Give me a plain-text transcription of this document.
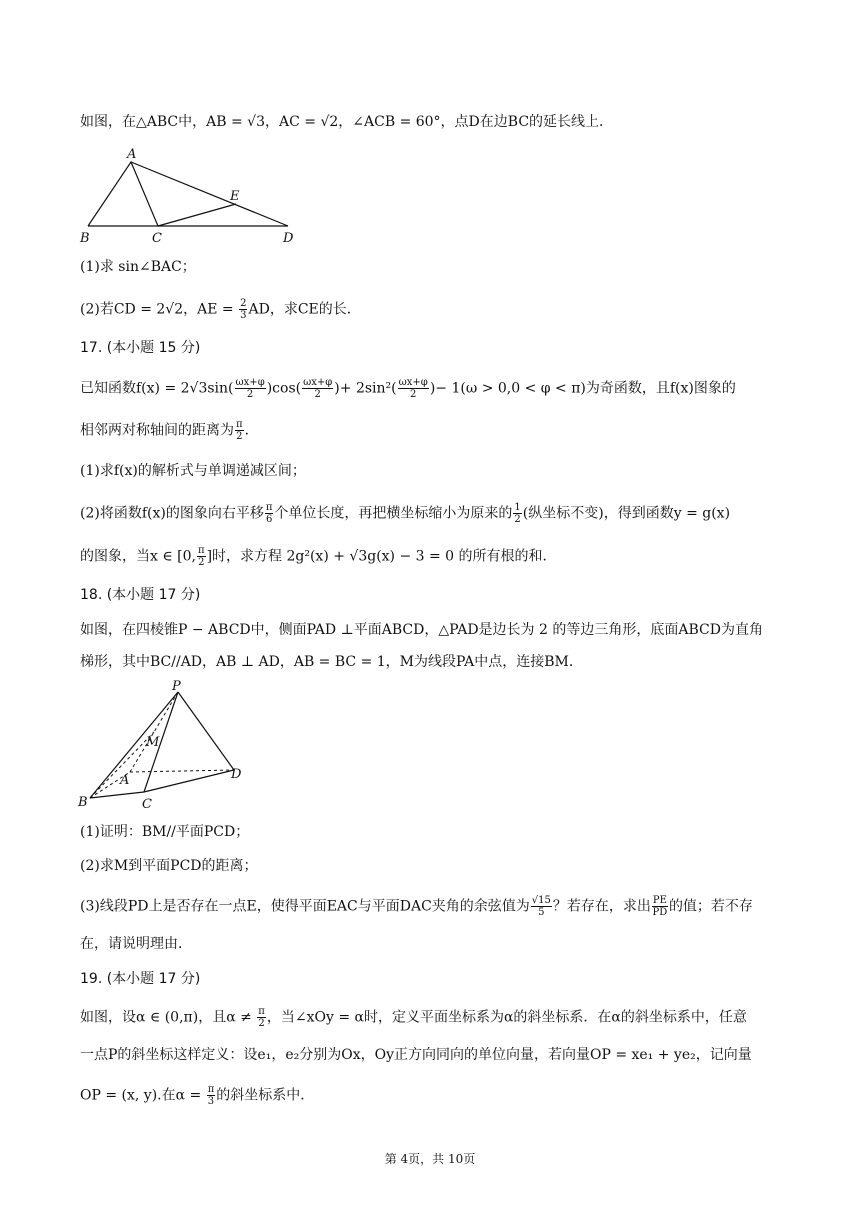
如图，在△ABC中，AB = √3，AC = √2，∠ACB = 60°，点D在边BC的延长线上．
A
B	C	D
E
(1)求 sin∠BAC；
(2)若CD = 2√2，AE = $\frac{2}{3}$ AD，求CE的长．
17. (本小题 15 分)
已知函数$f(x) = 2√3\sin( \frac{\omega x+\varphi}{2} )\cos( \frac{\omega x+\varphi}{2}$ )+ $2\sin^2( \frac{\omega x+\varphi}{2}$ )− 1(ω > 0,0 < φ < π)为奇函数，且f(x)图象的
相邻两对称轴间的距离为 $\frac{\pi}{2}$ .
(1)求f(x)的解析式与单调递减区间；
(2)将函数f(x)的图象向右平移 $\frac{\pi}{6}$ 个单位长度，再把横坐标缩小为原来的 $\frac{1}{2}$ (纵坐标不变)，得到函数y = g(x)
的图象，当x ∈ [0, $\frac{\pi}{2}$ ]时，求方程 2g²(x) + √3g(x) − 3 = 0 的所有根的和．
18. (本小题 17 分)
如图，在四棱锥P − ABCD中，侧面PAD ⊥平面ABCD，△PAD是边长为 2 的等边三角形，底面ABCD为直角
梯形，其中BC//AD，AB ⊥ AD，AB = BC = 1，M为线段PA中点，连接BM．
P
M
A
B	C
D
(1)证明：BM//平面PCD；
(2)求M到平面PCD的距离；
(3)线段PD上是否存在一点E，使得平面EAC与平面DAC夹角的余弦值为 $\frac{√15}{5}$ ？若存在，求出 $\frac{PE}{PD}$ 的值；若不存
在，请说明理由．
19. (本小题 17 分)
如图，设α ∈ (0,π)，且$\alpha \ne \frac{\pi}{2}$ ，当∠xOy = α时，定义平面坐标系为α的斜坐标系．在α的斜坐标系中，任意
一点P的斜坐标这样定义：设e₁，e₂分别为Ox，Oy正方向同向的单位向量，若向量OP = xe₁ + ye₂，记向量
OP = (x, y).在$\alpha = \frac{\pi}{3}$ 的斜坐标系中．
第 4页，共 10页
